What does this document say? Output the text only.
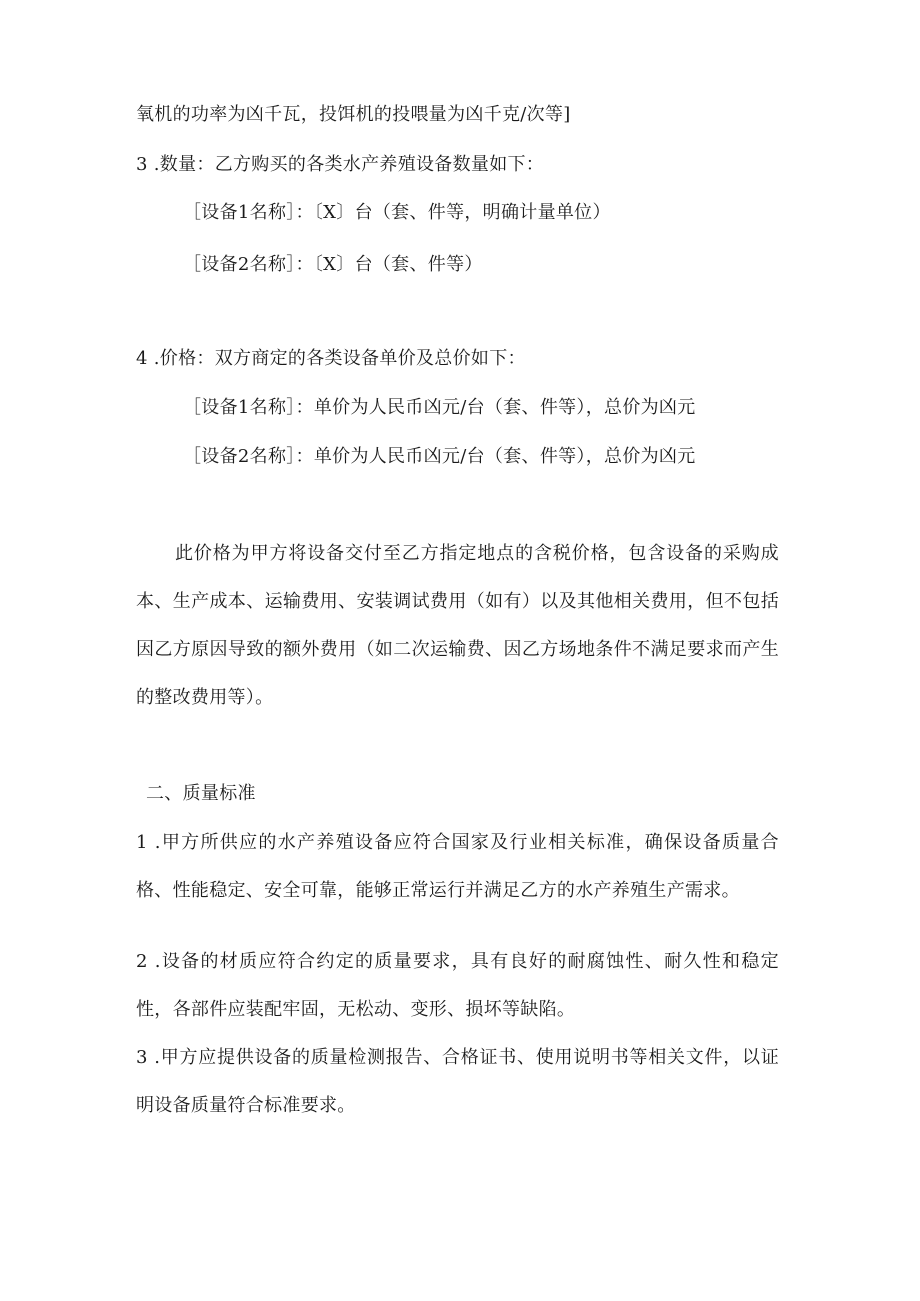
氧机的功率为凶千瓦，投饵机的投喂量为凶千克/次等]
3 .数量：乙方购买的各类水产养殖设备数量如下：
［设备1名称］：〔X〕台（套、件等，明确计量单位）
［设备2名称］：〔X〕台（套、件等）
4 .价格：双方商定的各类设备单价及总价如下：
［设备1名称］：单价为人民币凶元/台（套、件等），总价为凶元
［设备2名称］：单价为人民币凶元/台（套、件等），总价为凶元
此价格为甲方将设备交付至乙方指定地点的含税价格，包含设备的采购成
本、生产成本、运输费用、安装调试费用（如有）以及其他相关费用，但不包括
因乙方原因导致的额外费用（如二次运输费、因乙方场地条件不满足要求而产生
的整改费用等）。
二、质量标准
1 .甲方所供应的水产养殖设备应符合国家及行业相关标准，确保设备质量合
格、性能稳定、安全可靠，能够正常运行并满足乙方的水产养殖生产需求。
2 .设备的材质应符合约定的质量要求，具有良好的耐腐蚀性、耐久性和稳定
性，各部件应装配牢固，无松动、变形、损坏等缺陷。
3 .甲方应提供设备的质量检测报告、合格证书、使用说明书等相关文件，以证
明设备质量符合标准要求。
